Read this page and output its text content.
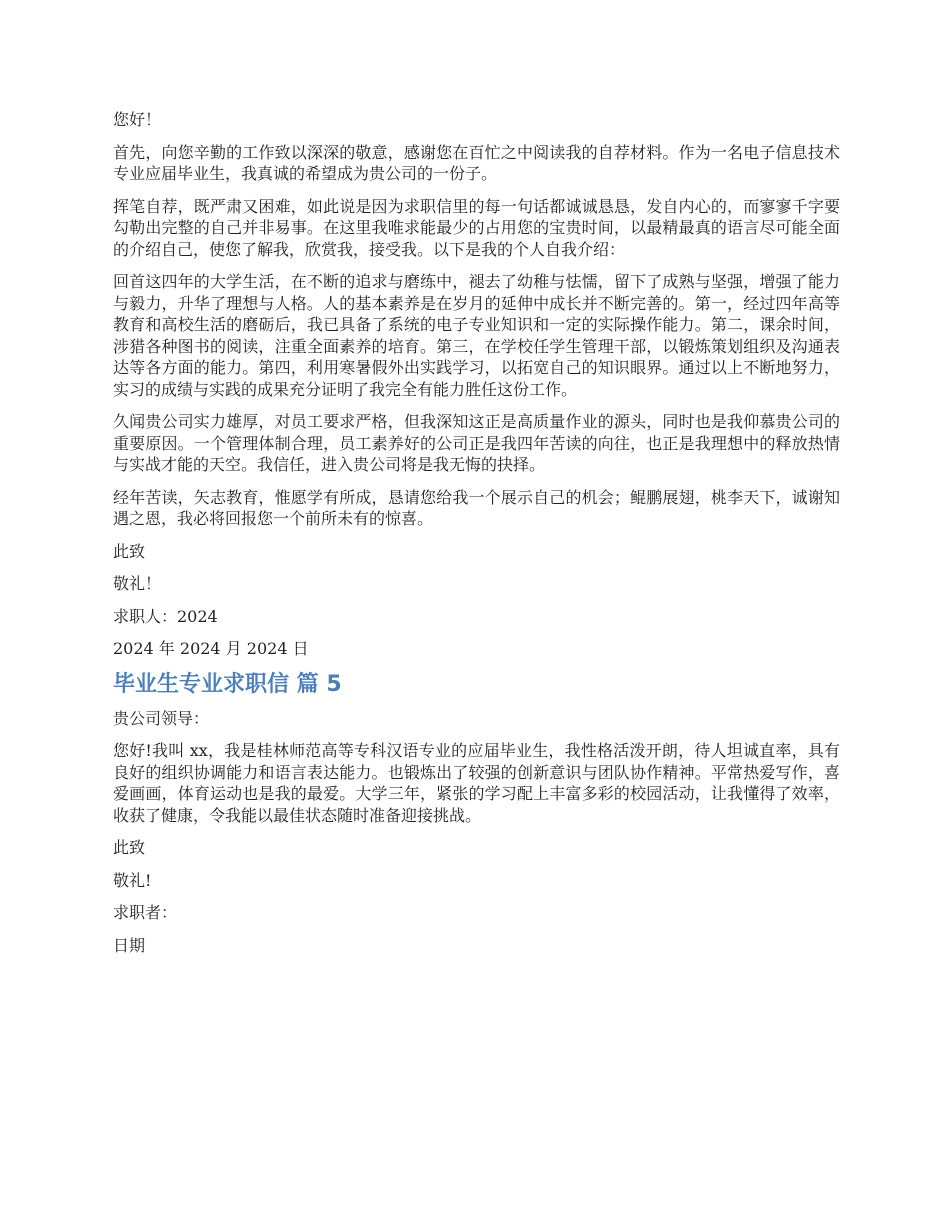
您好！

首先，向您辛勤的工作致以深深的敬意，感谢您在百忙之中阅读我的自荐材料。作为一名电子信息技术专业应届毕业生，我真诚的希望成为贵公司的一份子。

挥笔自荐，既严肃又困难，如此说是因为求职信里的每一句话都诚诚恳恳，发自内心的，而寥寥千字要勾勒出完整的自己并非易事。在这里我唯求能最少的占用您的宝贵时间，以最精最真的语言尽可能全面的介绍自己，使您了解我，欣赏我，接受我。以下是我的个人自我介绍：

回首这四年的大学生活，在不断的追求与磨练中，褪去了幼稚与怯懦，留下了成熟与坚强，增强了能力与毅力，升华了理想与人格。人的基本素养是在岁月的延伸中成长并不断完善的。第一，经过四年高等教育和高校生活的磨砺后，我已具备了系统的电子专业知识和一定的实际操作能力。第二，课余时间，涉猎各种图书的阅读，注重全面素养的培育。第三，在学校任学生管理干部，以锻炼策划组织及沟通表达等各方面的能力。第四，利用寒暑假外出实践学习，以拓宽自己的知识眼界。通过以上不断地努力，实习的成绩与实践的成果充分证明了我完全有能力胜任这份工作。

久闻贵公司实力雄厚，对员工要求严格，但我深知这正是高质量作业的源头，同时也是我仰慕贵公司的重要原因。一个管理体制合理，员工素养好的公司正是我四年苦读的向往，也正是我理想中的释放热情与实战才能的天空。我信任，进入贵公司将是我无悔的抉择。

经年苦读，矢志教育，惟愿学有所成，恳请您给我一个展示自己的机会；鲲鹏展翅，桃李天下，诚谢知遇之恩，我必将回报您一个前所未有的惊喜。

此致
敬礼！
求职人：2024
2024 年 2024 月 2024 日
毕业生专业求职信 篇 5
贵公司领导：

您好!我叫 xx，我是桂林师范高等专科汉语专业的应届毕业生，我性格活泼开朗，待人坦诚直率，具有良好的组织协调能力和语言表达能力。也锻炼出了较强的创新意识与团队协作精神。平常热爱写作，喜爱画画，体育运动也是我的最爱。大学三年，紧张的学习配上丰富多彩的校园活动，让我懂得了效率，收获了健康，令我能以最佳状态随时准备迎接挑战。

此致
敬礼!
求职者：
日期
